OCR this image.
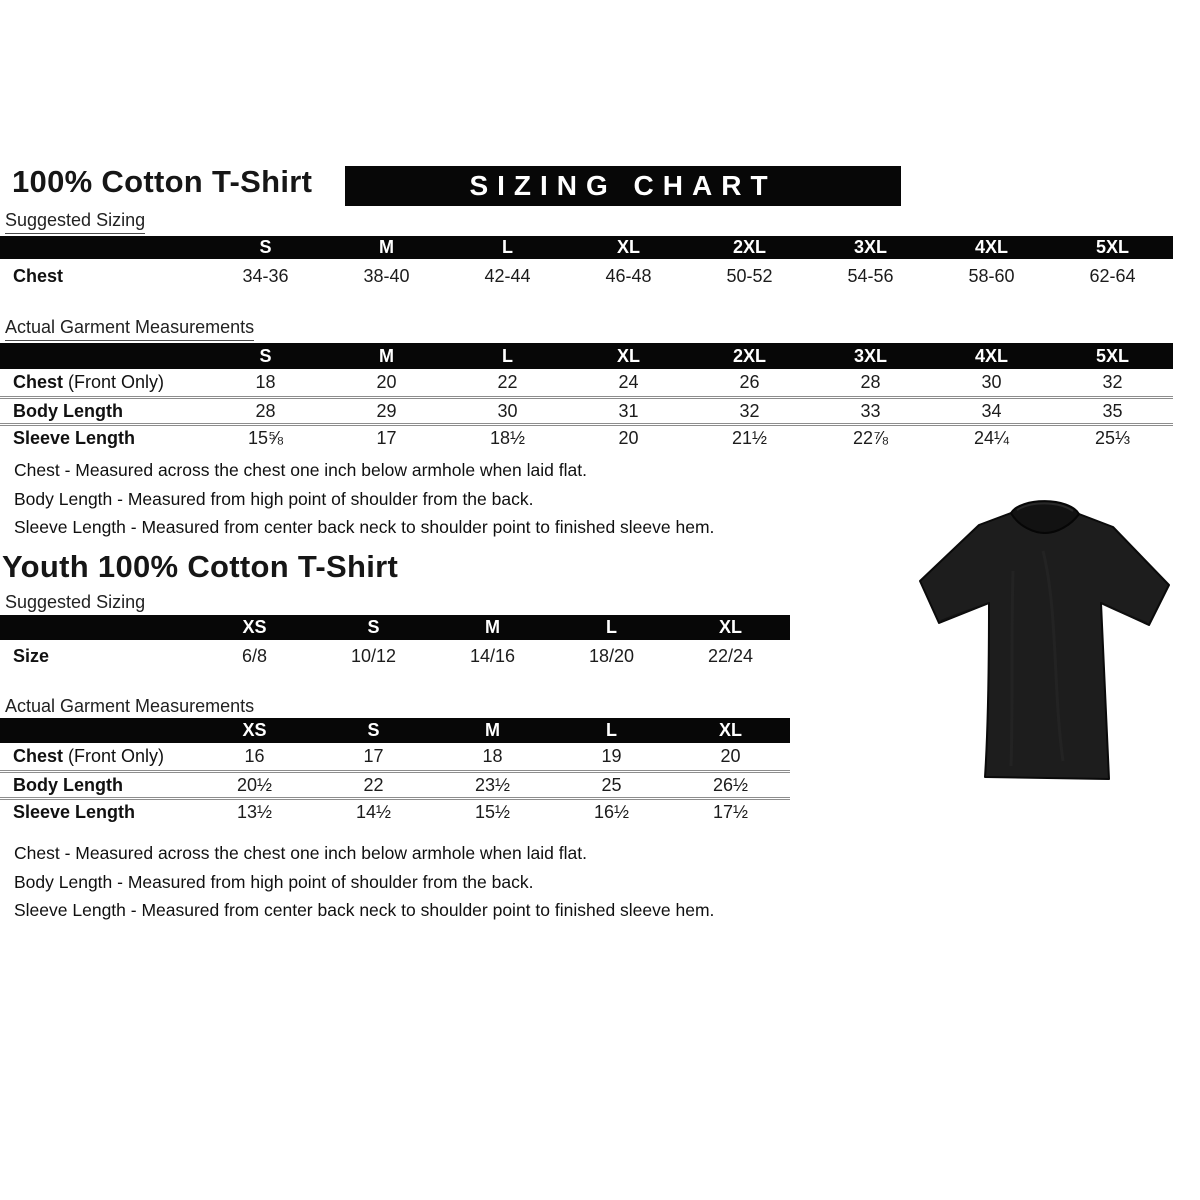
100% Cotton T-Shirt	SIZING CHART
Suggested Sizing
S	M	L	XL	2XL	3XL	4XL	5XL
Chest	34-36	38-40	42-44	46-48	50-52	54-56	58-60	62-64
Actual Garment Measurements
S	M	L	XL	2XL	3XL	4XL	5XL
Chest (Front Only)	18	20	22	24	26	28	30	32
Body Length	28	29	30	31	32	33	34	35
Sleeve Length	15⅝	17	18½	20	21½	22⅞	24¼	25⅓

Chest - Measured across the chest one inch below armhole when laid flat.

Body Length - Measured from high point of shoulder from the back.

Sleeve Length - Measured from center back neck to shoulder point to finished sleeve hem.

Youth 100% Cotton T-Shirt
Suggested Sizing
XS	S	M	L	XL
Size	6/8	10/12	14/16	18/20	22/24
Actual Garment Measurements
XS	S	M	L	XL
Chest (Front Only)	16	17	18	19	20
Body Length	20½	22	23½	25	26½
Sleeve Length	13½	14½	15½	16½	17½

Chest - Measured across the chest one inch below armhole when laid flat.

Body Length - Measured from high point of shoulder from the back.

Sleeve Length - Measured from center back neck to shoulder point to finished sleeve hem.
